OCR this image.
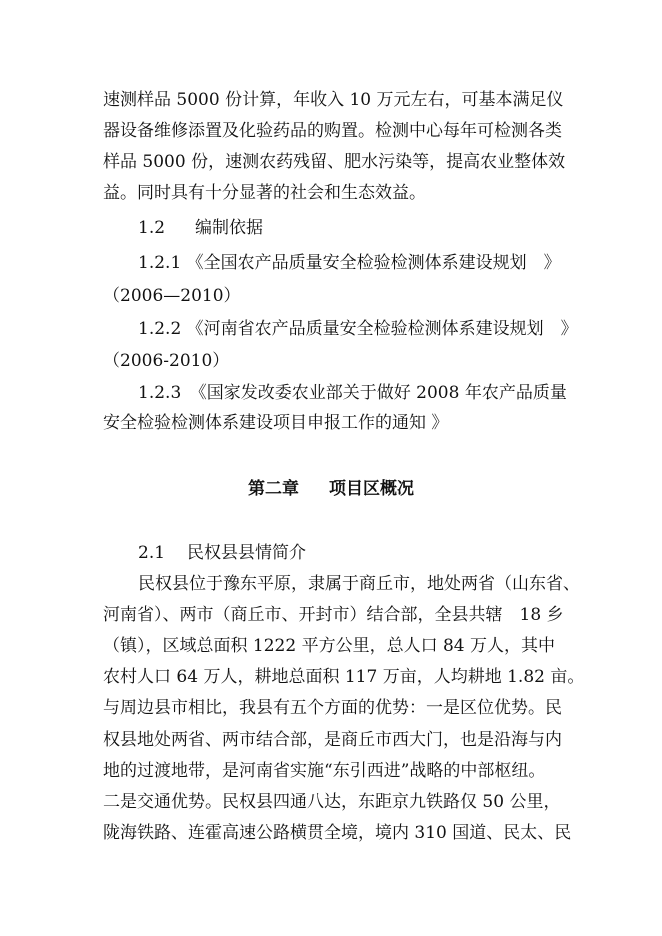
速测样品 5000 份计算，年收入 10 万元左右，可基本满足仪
器设备维修添置及化验药品的购置。检测中心每年可检测各类
样品 5000 份，速测农药残留、肥水污染等，提高农业整体效
益。同时具有十分显著的社会和生态效益。
1.2 编制依据
1.2.1 《全国农产品质量安全检验检测体系建设规划　》
（2006—2010）
1.2.2 《河南省农产品质量安全检验检测体系建设规划　》
（2006-2010）
1.2.3　《国家发改委农业部关于做好 2008 年农产品质量
安全检验检测体系建设项目申报工作的通知 》
第二章 项目区概况
2.1 民权县县情简介
民权县位于豫东平原，隶属于商丘市，地处两省（山东省、
河南省）、两市（商丘市、开封市）结合部，全县共辖　18 乡
（镇），区域总面积 1222 平方公里，总人口 84 万人，其中
农村人口 64 万人，耕地总面积 117 万亩，人均耕地 1.82 亩。
与周边县市相比，我县有五个方面的优势：一是区位优势。民
权县地处两省、两市结合部，是商丘市西大门，也是沿海与内
地的过渡地带，是河南省实施“东引西进”战略的中部枢纽。
二是交通优势。民权县四通八达，东距京九铁路仅 50 公里，
陇海铁路、连霍高速公路横贯全境，境内 310 国道、民太、民
